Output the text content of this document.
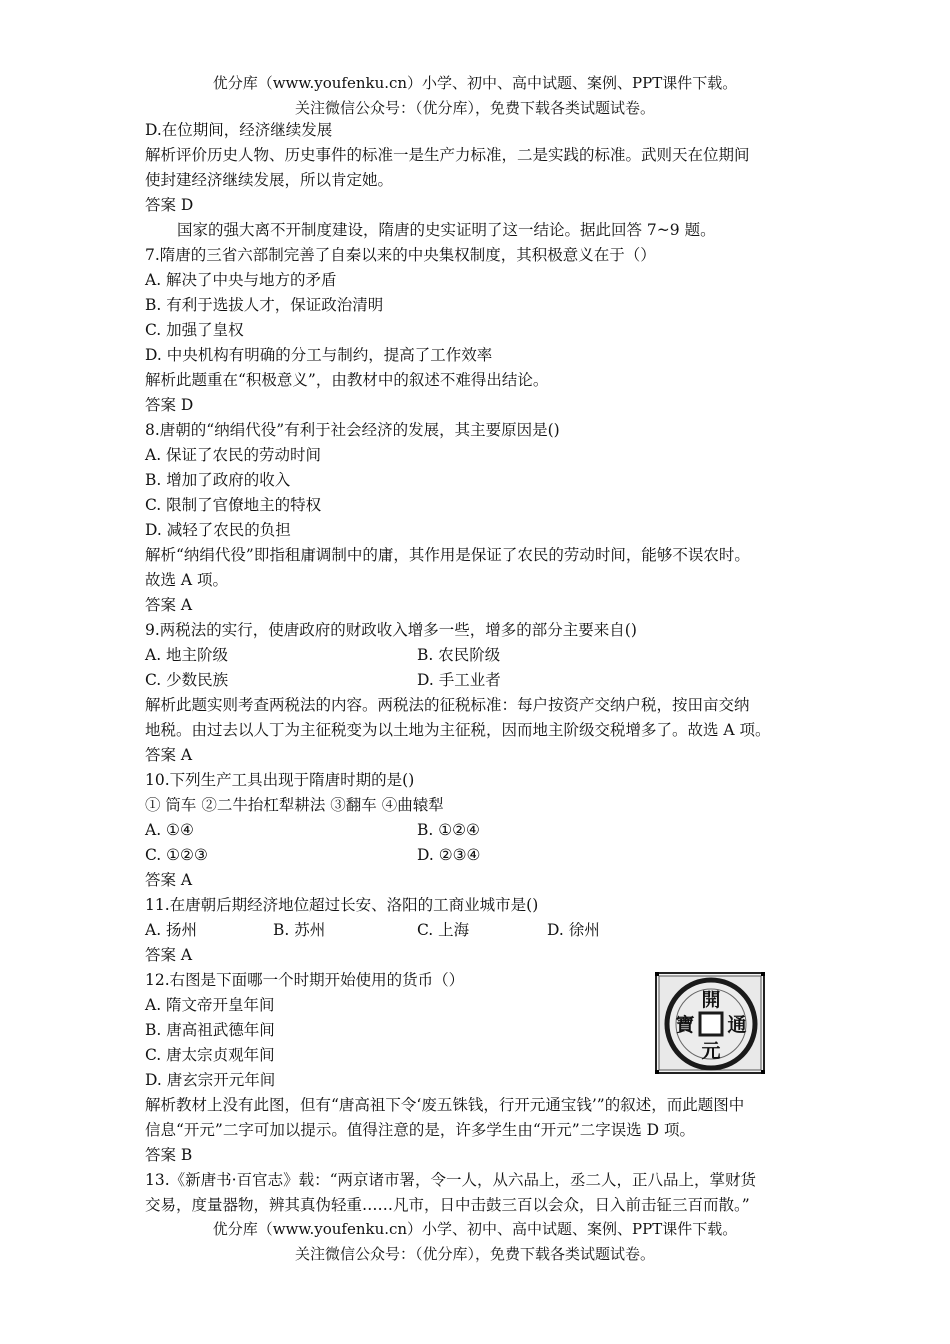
优分库（www.youfenku.cn）小学、初中、高中试题、案例、PPT课件下载。
关注微信公众号：（优分库），免费下载各类试题试卷。
D.在位期间，经济继续发展
解析评价历史人物、历史事件的标准一是生产力标准，二是实践的标准。武则天在位期间
使封建经济继续发展，所以肯定她。
答案 D
国家的强大离不开制度建设，隋唐的史实证明了这一结论。据此回答 7~9 题。
7.隋唐的三省六部制完善了自秦以来的中央集权制度，其积极意义在于（）
A. 解决了中央与地方的矛盾
B. 有利于选拔人才，保证政治清明
C. 加强了皇权
D. 中央机构有明确的分工与制约，提高了工作效率
解析此题重在“积极意义”，由教材中的叙述不难得出结论。
答案 D
8.唐朝的“纳绢代役”有利于社会经济的发展，其主要原因是()
A. 保证了农民的劳动时间
B. 增加了政府的收入
C. 限制了官僚地主的特权
D. 减轻了农民的负担
解析“纳绢代役”即指租庸调制中的庸，其作用是保证了农民的劳动时间，能够不误农时。
故选 A 项。
答案 A
9.两税法的实行，使唐政府的财政收入增多一些，增多的部分主要来自()
A. 地主阶级	B. 农民阶级
C. 少数民族	D. 手工业者
解析此题实则考查两税法的内容。两税法的征税标准：每户按资产交纳户税，按田亩交纳
地税。由过去以人丁为主征税变为以土地为主征税，因而地主阶级交税增多了。故选 A 项。
答案 A
10.下列生产工具出现于隋唐时期的是()
① 筒车 ②二牛抬杠犁耕法 ③翻车 ④曲辕犁
A. ①④	B. ①②④
C. ①②③	D. ②③④
答案 A
11.在唐朝后期经济地位超过长安、洛阳的工商业城市是()
A. 扬州	B. 苏州	C. 上海	D. 徐州
答案 A
12.右图是下面哪一个时期开始使用的货币（）
A. 隋文帝开皇年间
B. 唐高祖武德年间
C. 唐太宗贞观年间
D. 唐玄宗开元年间
解析教材上没有此图，但有“唐高祖下令‘废五铢钱，行开元通宝钱’”的叙述，而此题图中
信息“开元”二字可加以提示。值得注意的是，许多学生由“开元”二字误选 D 项。
答案 B
13.《新唐书·百官志》载：“两京诸市署，令一人，从六品上，丞二人，正八品上，掌财货
交易，度量器物，辨其真伪轻重……凡市，日中击鼓三百以会众，日入前击钲三百而散。”
開
通
元
寶
优分库（www.youfenku.cn）小学、初中、高中试题、案例、PPT课件下载。
关注微信公众号：（优分库），免费下载各类试题试卷。
